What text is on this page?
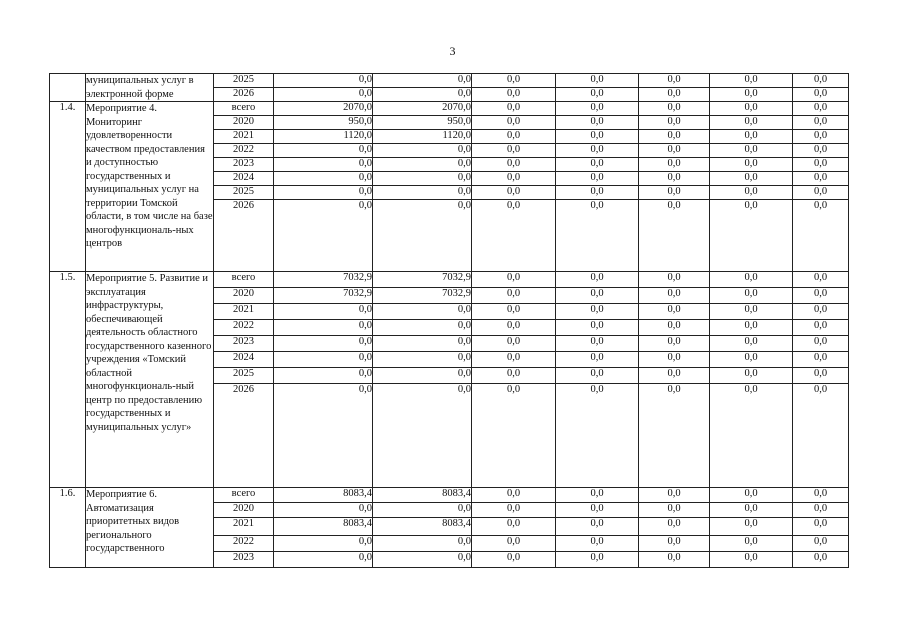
3
	муниципальных услуг в электронной форме	2025	0,0	0,0	0,0	0,0	0,0	0,0	0,0
		2026	0,0	0,0	0,0	0,0	0,0	0,0	0,0
1.4.	Мероприятие 4. Мониторинг удовлетворенности качеством предоставления и доступностью государственных и муниципальных услуг на территории Томской области, в том числе на базе многофункциональ-ных центров	всего	2070,0	2070,0	0,0	0,0	0,0	0,0	0,0
		2020	950,0	950,0	0,0	0,0	0,0	0,0	0,0
		2021	1120,0	1120,0	0,0	0,0	0,0	0,0	0,0
		2022	0,0	0,0	0,0	0,0	0,0	0,0	0,0
		2023	0,0	0,0	0,0	0,0	0,0	0,0	0,0
		2024	0,0	0,0	0,0	0,0	0,0	0,0	0,0
		2025	0,0	0,0	0,0	0,0	0,0	0,0	0,0
		2026	0,0	0,0	0,0	0,0	0,0	0,0	0,0
1.5.	Мероприятие 5. Развитие и эксплуатация инфраструктуры, обеспечивающей деятельность областного государственного казенного учреждения «Томский областной многофункциональ-ный центр по предоставлению государственных и муниципальных услуг»	всего	7032,9	7032,9	0,0	0,0	0,0	0,0	0,0
		2020	7032,9	7032,9	0,0	0,0	0,0	0,0	0,0
		2021	0,0	0,0	0,0	0,0	0,0	0,0	0,0
		2022	0,0	0,0	0,0	0,0	0,0	0,0	0,0
		2023	0,0	0,0	0,0	0,0	0,0	0,0	0,0
		2024	0,0	0,0	0,0	0,0	0,0	0,0	0,0
		2025	0,0	0,0	0,0	0,0	0,0	0,0	0,0
		2026	0,0	0,0	0,0	0,0	0,0	0,0	0,0
1.6.	Мероприятие 6. Автоматизация приоритетных видов регионального государственного	всего	8083,4	8083,4	0,0	0,0	0,0	0,0	0,0
		2020	0,0	0,0	0,0	0,0	0,0	0,0	0,0
		2021	8083,4	8083,4	0,0	0,0	0,0	0,0	0,0
		2022	0,0	0,0	0,0	0,0	0,0	0,0	0,0
		2023	0,0	0,0	0,0	0,0	0,0	0,0	0,0
